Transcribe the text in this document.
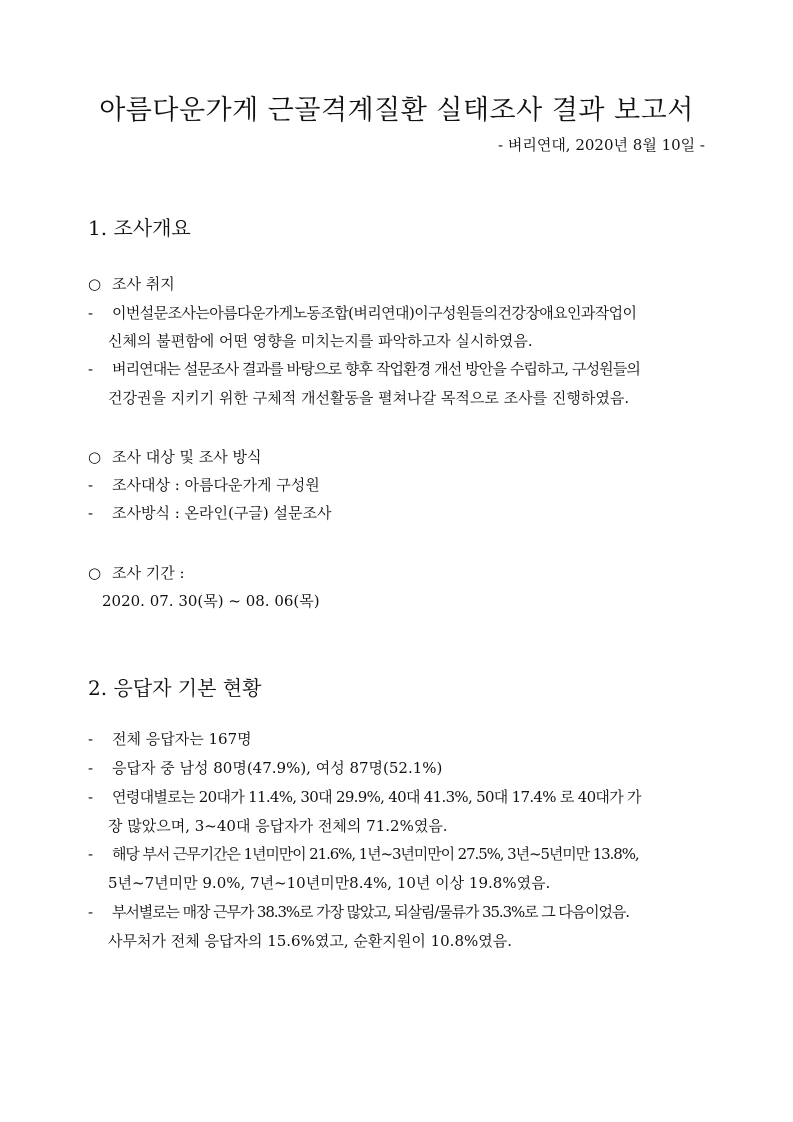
아름다운가게 근골격계질환 실태조사 결과 보고서
- 벼리연대, 2020년 8월 10일 -
1. 조사개요
○ 조사 취지
- 이번설문조사는아름다운가게노동조합(벼리연대)이구성원들의건강장애요인과작업이
신체의 불편함에 어떤 영향을 미치는지를 파악하고자 실시하였음.
- 벼리연대는 설문조사 결과를 바탕으로 향후 작업환경 개선 방안을 수립하고, 구성원들의
건강권을 지키기 위한 구체적 개선활동을 펼쳐나갈 목적으로 조사를 진행하였음.
○ 조사 대상 및 조사 방식
- 조사대상 : 아름다운가게 구성원
- 조사방식 : 온라인(구글) 설문조사
○ 조사 기간 :
2020. 07. 30(목) ~ 08. 06(목)
2. 응답자 기본 현황
- 전체 응답자는 167명
- 응답자 중 남성 80명(47.9%), 여성 87명(52.1%)
- 연령대별로는 20대가 11.4%, 30대 29.9%, 40대 41.3%, 50대 17.4% 로 40대가 가
장 많았으며, 3~40대 응답자가 전체의 71.2%였음.
- 해당 부서 근무기간은 1년미만이 21.6%, 1년~3년미만이 27.5%, 3년~5년미만 13.8%,
5년~7년미만 9.0%, 7년~10년미만8.4%, 10년 이상 19.8%였음.
- 부서별로는 매장 근무가 38.3%로 가장 많았고, 되살림/물류가 35.3%로 그 다음이었음.
사무처가 전체 응답자의 15.6%였고, 순환지원이 10.8%였음.
